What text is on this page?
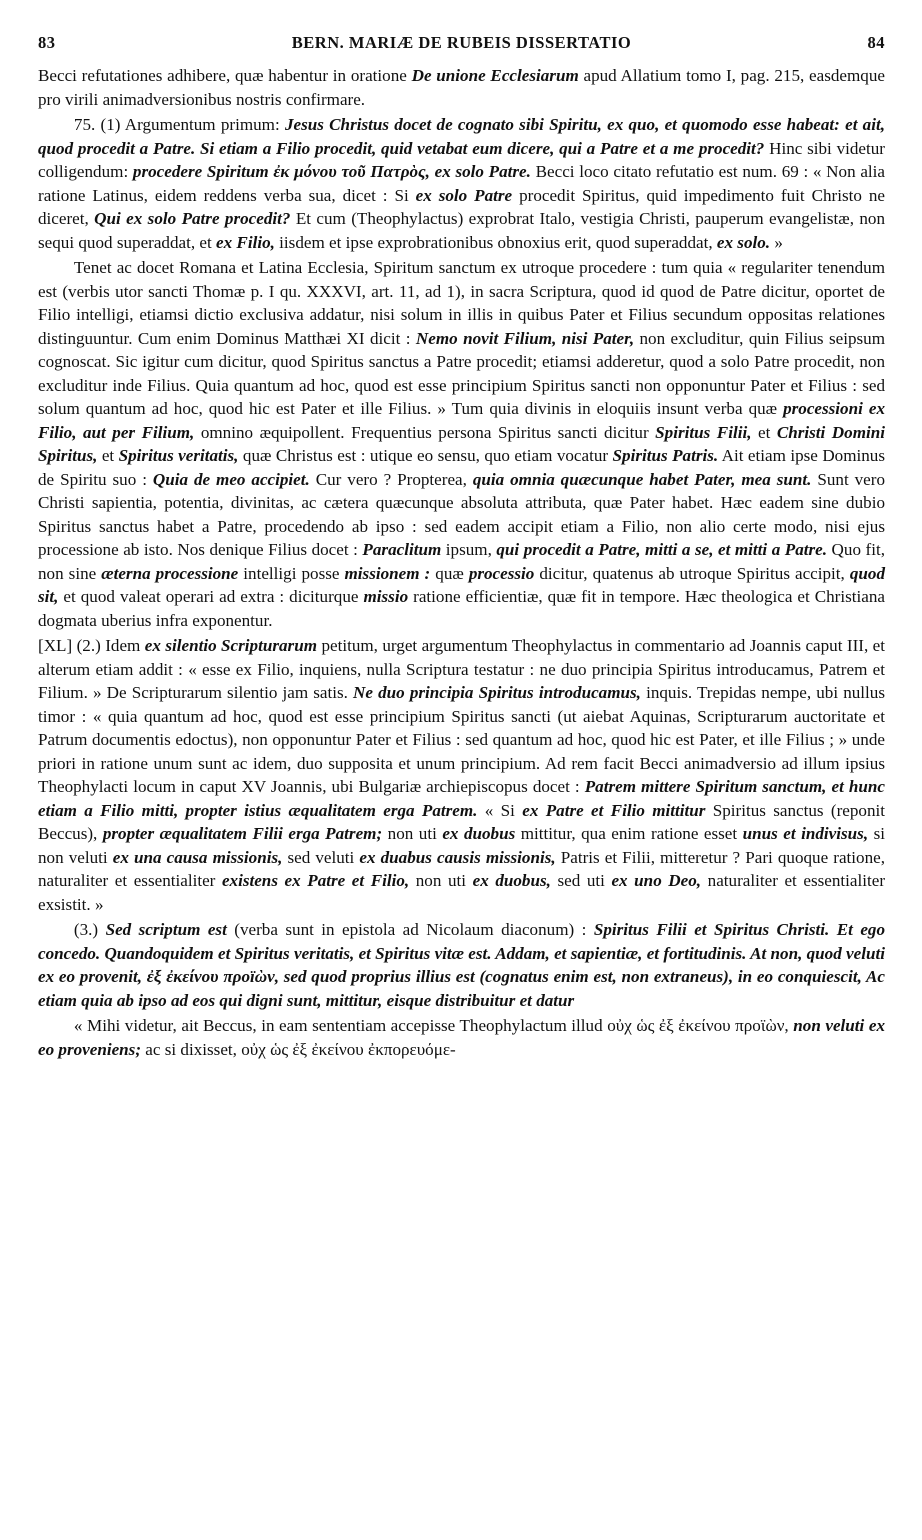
83	BERN. MARIÆ DE RUBEIS DISSERTATIO	84

Becci refutationes adhibere, quæ habentur in oratione De unione Ecclesiarum apud Allatium tomo I, pag. 215, easdemque pro virili animadversionibus nostris confirmare.

75. (1) Argumentum primum: Jesus Christus docet de cognato sibi Spiritu, ex quo, et quomodo esse habeat: et ait, quod procedit a Patre. Si etiam a Filio procedit, quid vetabat eum dicere, qui a Patre et a me procedit? Hinc sibi videtur colligendum: procedere Spiritum ἐκ μόνου τοῦ Πατρὸς, ex solo Patre. Becci loco citato refutatio est num. 69 : « Non alia ratione Latinus, eidem reddens verba sua, dicet : Si ex solo Patre procedit Spiritus, quid impedimento fuit Christo ne diceret, Qui ex solo Patre procedit? Et cum (Theophylactus) exprobrat Italo, vestigia Christi, pauperum evangelistæ, non sequi quod superaddat, et ex Filio, iisdem et ipse exprobrationibus obnoxius erit, quod superaddat, ex solo. »

Tenet ac docet Romana et Latina Ecclesia, Spiritum sanctum ex utroque procedere : tum quia « regulariter tenendum est (verbis utor sancti Thomæ p. I qu. XXXVI, art. 11, ad 1), in sacra Scriptura, quod id quod de Patre dicitur, oportet de Filio intelligi, etiamsi dictio exclusiva addatur, nisi solum in illis in quibus Pater et Filius secundum oppositas relationes distinguuntur. Cum enim Dominus Matthæi XI dicit : Nemo novit Filium, nisi Pater, non excluditur, quin Filius seipsum cognoscat. Sic igitur cum dicitur, quod Spiritus sanctus a Patre procedit; etiamsi adderetur, quod a solo Patre procedit, non excluditur inde Filius. Quia quantum ad hoc, quod est esse principium Spiritus sancti non opponuntur Pater et Filius : sed solum quantum ad hoc, quod hic est Pater et ille Filius. » Tum quia divinis in eloquiis insunt verba quæ processioni ex Filio, aut per Filium, omnino æquipollent. Frequentius persona Spiritus sancti dicitur Spiritus Filii, et Christi Domini Spiritus, et Spiritus veritatis, quæ Christus est : utique eo sensu, quo etiam vocatur Spiritus Patris. Ait etiam ipse Dominus de Spiritu suo : Quia de meo accipiet. Cur vero ? Propterea, quia omnia quæcunque habet Pater, mea sunt. Sunt vero Christi sapientia, potentia, divinitas, ac cætera quæcunque absoluta attributa, quæ Pater habet. Hæc eadem sine dubio Spiritus sanctus habet a Patre, procedendo ab ipso : sed eadem accipit etiam a Filio, non alio certe modo, nisi ejus processione ab isto. Nos denique Filius docet : Paraclitum ipsum, qui procedit a Patre, mitti a se, et mitti a Patre. Quo fit, non sine æterna processione intelligi posse missionem : quæ processio dicitur, quatenus ab utroque Spiritus accipit, quod sit, et quod valeat operari ad extra : diciturque missio ratione efficientiæ, quæ fit in tempore. Hæc theologica et Christiana dogmata uberius infra exponentur.

[XL] (2.) Idem ex silentio Scripturarum petitum, urget argumentum Theophylactus in commentario ad Joannis caput III, et alterum etiam addit : « esse ex Filio, inquiens, nulla Scriptura testatur : ne duo principia Spiritus introducamus, Patrem et Filium. » De Scripturarum silentio jam satis. Ne duo principia Spiritus introducamus, inquis. Trepidas nempe, ubi nullus timor : « quia quantum ad hoc, quod est esse principium Spiritus sancti (ut aiebat Aquinas, Scripturarum auctoritate et Patrum documentis edoctus), non opponuntur Pater et Filius : sed quantum ad hoc, quod hic est Pater, et ille Filius ; » unde priori in ratione unum sunt ac idem, duo supposita et unum principium. Ad rem facit Becci animadversio ad illum ipsius Theophylacti locum in caput XV Joannis, ubi Bulgariæ archiepiscopus docet : Patrem mittere Spiritum sanctum, et hunc etiam a Filio mitti, propter istius æqualitatem erga Patrem. « Si ex Patre et Filio mittitur Spiritus sanctus (reponit Beccus), propter æqualitatem Filii erga Patrem; non uti ex duobus mittitur, qua enim ratione esset unus et indivisus, si non veluti ex una causa missionis, sed veluti ex duabus causis missionis, Patris et Filii, mitteretur ? Pari quoque ratione, naturaliter et essentialiter existens ex Patre et Filio, non uti ex duobus, sed uti ex uno Deo, naturaliter et essentialiter exsistit. »

(3.) Sed scriptum est (verba sunt in epistola ad Nicolaum diaconum) : Spiritus Filii et Spiritus Christi. Et ego concedo. Quandoquidem et Spiritus veritatis, et Spiritus vitæ est. Addam, et sapientiæ, et fortitudinis. At non, quod veluti ex eo provenit, ἐξ ἐκείνου προϊὼν, sed quod proprius illius est (cognatus enim est, non extraneus), in eo conquiescit, Ac etiam quia ab ipso ad eos qui digni sunt, mittitur, eisque distribuitur et datur

« Mihi videtur, ait Beccus, in eam sententiam accepisse Theophylactum illud οὐχ ὡς ἐξ ἐκείνου προϊὼν, non veluti ex eo proveniens; ac si dixisset, οὐχ ὡς ἐξ ἐκείνου ἐκπορευόμε-
